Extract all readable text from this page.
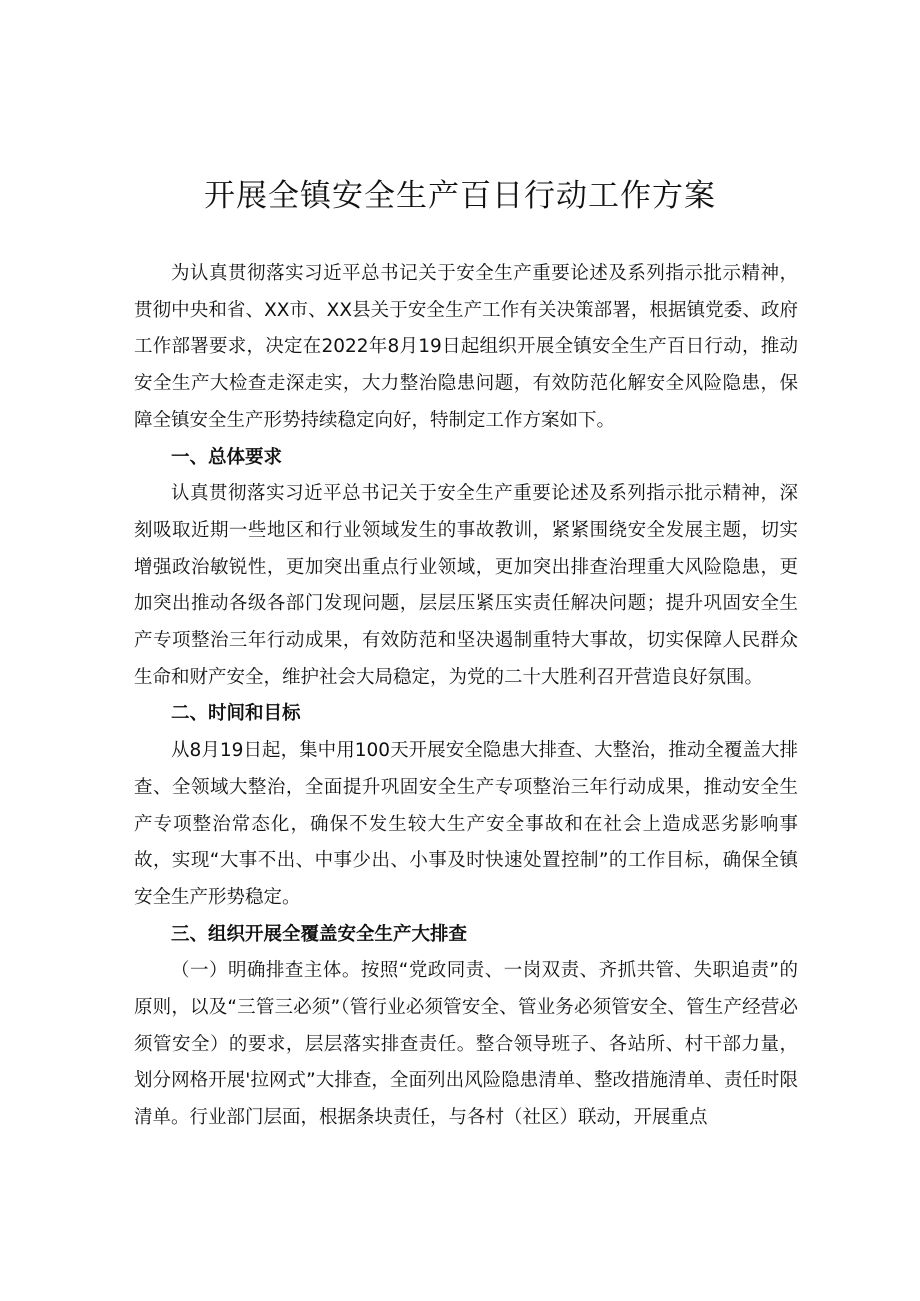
开展全镇安全生产百日行动工作方案

为认真贯彻落实习近平总书记关于安全生产重要论述及系列指示批示精神，贯彻中央和省、XX市、XX县关于安全生产工作有关决策部署，根据镇党委、政府工作部署要求，决定在2022年8月19日起组织开展全镇安全生产百日行动，推动安全生产大检查走深走实，大力整治隐患问题，有效防范化解安全风险隐患，保障全镇安全生产形势持续稳定向好，特制定工作方案如下。

一、总体要求

认真贯彻落实习近平总书记关于安全生产重要论述及系列指示批示精神，深刻吸取近期一些地区和行业领域发生的事故教训，紧紧围绕安全发展主题，切实增强政治敏锐性，更加突出重点行业领域，更加突出排查治理重大风险隐患，更加突出推动各级各部门发现问题，层层压紧压实责任解决问题；提升巩固安全生产专项整治三年行动成果，有效防范和坚决遏制重特大事故，切实保障人民群众生命和财产安全，维护社会大局稳定，为党的二十大胜利召开营造良好氛围。

二、时间和目标

从8月19日起，集中用100天开展安全隐患大排查、大整治，推动全覆盖大排查、全领域大整治，全面提升巩固安全生产专项整治三年行动成果，推动安全生产专项整治常态化，确保不发生较大生产安全事故和在社会上造成恶劣影响事故，实现“大事不出、中事少出、小事及时快速处置控制”的工作目标，确保全镇安全生产形势稳定。

三、组织开展全覆盖安全生产大排查

（一）明确排查主体。按照“党政同责、一岗双责、齐抓共管、失职追责”的原则，以及“三管三必须”（管行业必须管安全、管业务必须管安全、管生产经营必须管安全）的要求，层层落实排查责任。整合领导班子、各站所、村干部力量，划分网格开展'拉网式”大排查，全面列出风险隐患清单、整改措施清单、责任时限清单。行业部门层面，根据条块责任，与各村（社区）联动，开展重点
